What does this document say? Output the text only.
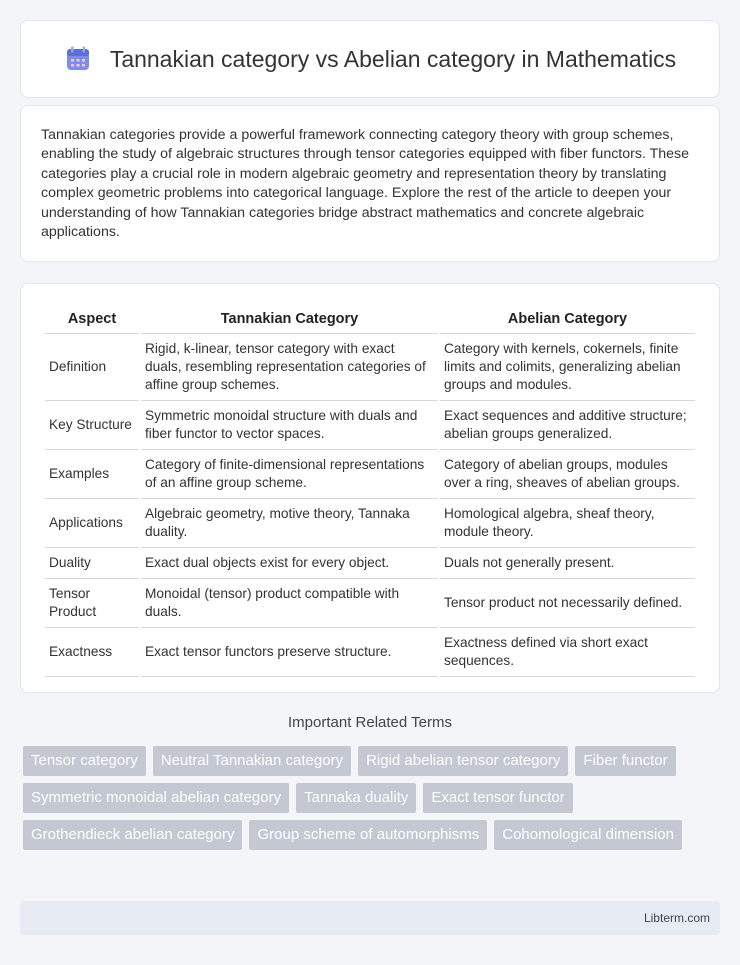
Tannakian category vs Abelian category in Mathematics

Tannakian categories provide a powerful framework connecting category theory with group schemes, enabling the study of algebraic structures through tensor categories equipped with fiber functors. These categories play a crucial role in modern algebraic geometry and representation theory by translating complex geometric problems into categorical language. Explore the rest of the article to deepen your understanding of how Tannakian categories bridge abstract mathematics and concrete algebraic applications.

Aspect	Tannakian Category	Abelian Category
Definition	Rigid, k-linear, tensor category with exact duals, resembling representation categories of affine group schemes.	Category with kernels, cokernels, finite limits and colimits, generalizing abelian groups and modules.
Key Structure	Symmetric monoidal structure with duals and fiber functor to vector spaces.	Exact sequences and additive structure; abelian groups generalized.
Examples	Category of finite-dimensional representations of an affine group scheme.	Category of abelian groups, modules over a ring, sheaves of abelian groups.
Applications	Algebraic geometry, motive theory, Tannaka duality.	Homological algebra, sheaf theory, module theory.
Duality	Exact dual objects exist for every object.	Duals not generally present.
Tensor Product	Monoidal (tensor) product compatible with duals.	Tensor product not necessarily defined.
Exactness	Exact tensor functors preserve structure.	Exactness defined via short exact sequences.
Important Related Terms
Tensor category	Neutral Tannakian category	Rigid abelian tensor category	Fiber functor
Symmetric monoidal abelian category	Tannaka duality	Exact tensor functor
Grothendieck abelian category	Group scheme of automorphisms	Cohomological dimension
Libterm.com
